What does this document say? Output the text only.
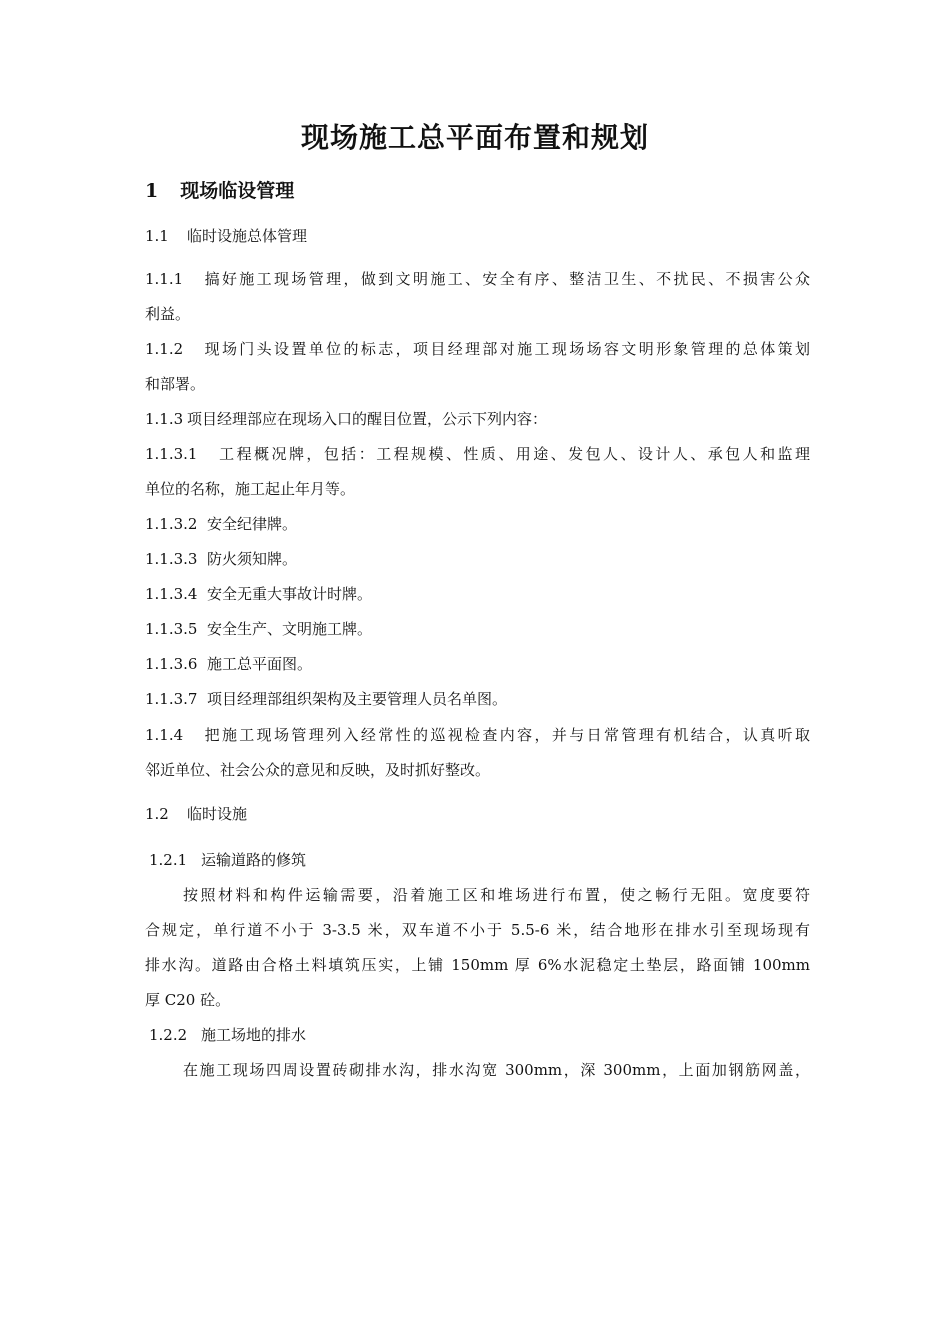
现场施工总平面布置和规划
1 现场临设管理
1.1 临时设施总体管理
1.1.1 搞好施工现场管理，做到文明施工、安全有序、整洁卫生、不扰民、不损害公众
利益。
1.1.2 现场门头设置单位的标志，项目经理部对施工现场场容文明形象管理的总体策划
和部署。
1.1.3 项目经理部应在现场入口的醒目位置，公示下列内容：
1.1.3.1 工程概况牌，包括：工程规模、性质、用途、发包人、设计人、承包人和监理
单位的名称，施工起止年月等。
1.1.3.2 安全纪律牌。
1.1.3.3 防火须知牌。
1.1.3.4 安全无重大事故计时牌。
1.1.3.5 安全生产、文明施工牌。
1.1.3.6 施工总平面图。
1.1.3.7 项目经理部组织架构及主要管理人员名单图。
1.1.4 把施工现场管理列入经常性的巡视检查内容，并与日常管理有机结合，认真听取
邻近单位、社会公众的意见和反映，及时抓好整改。
1.2 临时设施
1.2.1 运输道路的修筑
按照材料和构件运输需要，沿着施工区和堆场进行布置，使之畅行无阻。宽度要符
合规定，单行道不小于 3-3.5 米，双车道不小于 5.5-6 米，结合地形在排水引至现场现有
排水沟。道路由合格土料填筑压实，上铺 150mm 厚 6%水泥稳定土垫层，路面铺 100mm
厚 C20 砼。
1.2.2 施工场地的排水
在施工现场四周设置砖砌排水沟，排水沟宽 300mm，深 300mm，上面加钢筋网盖，
